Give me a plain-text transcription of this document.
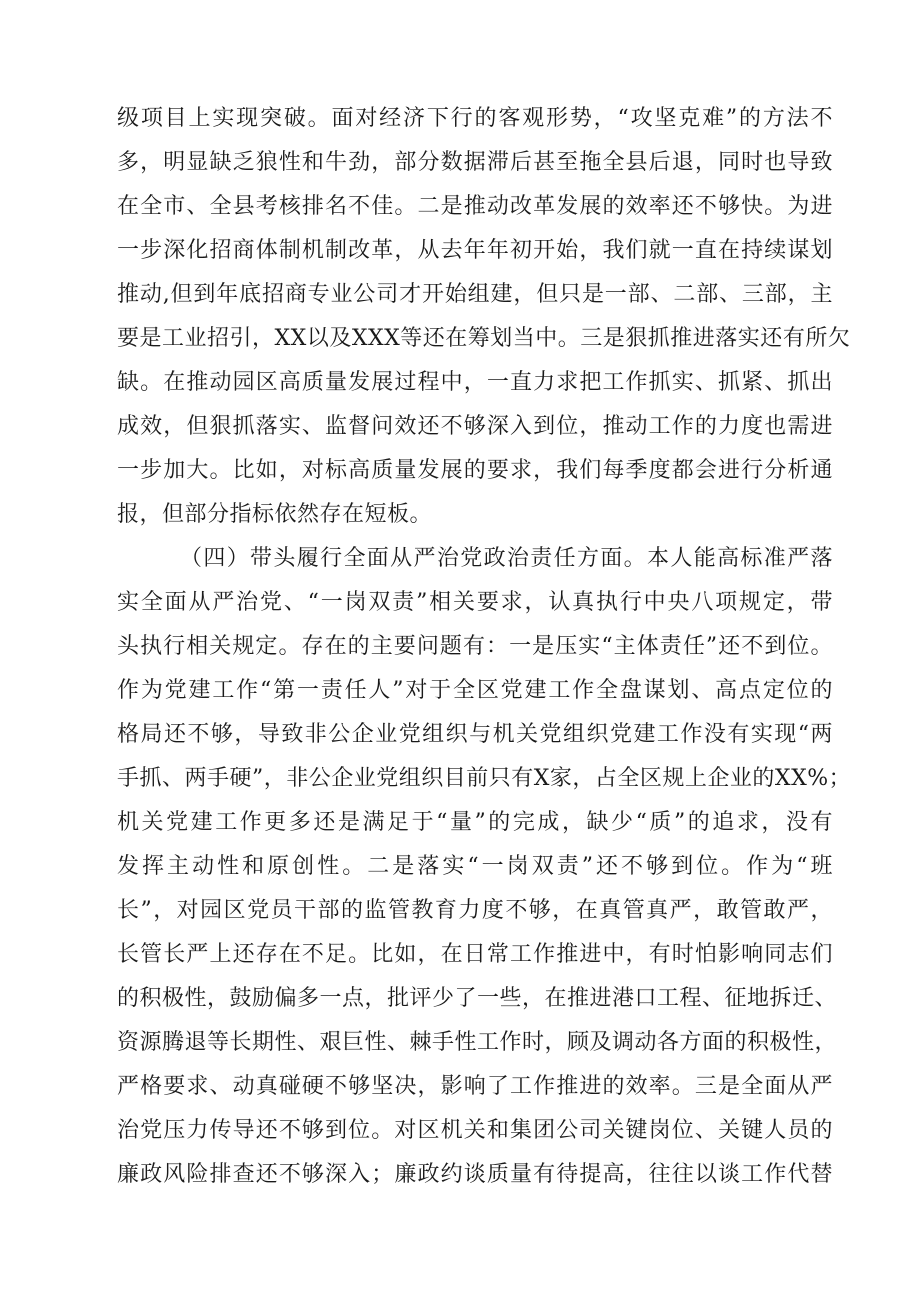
级项目上实现突破。面对经济下行的客观形势，“攻坚克难”的方法不
多，明显缺乏狼性和牛劲，部分数据滞后甚至拖全县后退，同时也导致
在全市、全县考核排名不佳。二是推动改革发展的效率还不够快。为进
一步深化招商体制机制改革，从去年年初开始，我们就一直在持续谋划
推动,但到年底招商专业公司才开始组建，但只是一部、二部、三部，主
要是工业招引，XX以及XXX等还在筹划当中。三是狠抓推进落实还有所欠
缺。在推动园区高质量发展过程中，一直力求把工作抓实、抓紧、抓出
成效，但狠抓落实、监督问效还不够深入到位，推动工作的力度也需进
一步加大。比如，对标高质量发展的要求，我们每季度都会进行分析通
报，但部分指标依然存在短板。
（四）带头履行全面从严治党政治责任方面。本人能高标准严落
实全面从严治党、“一岗双责”相关要求，认真执行中央八项规定，带
头执行相关规定。存在的主要问题有：一是压实“主体责任”还不到位。
作为党建工作“第一责任人”对于全区党建工作全盘谋划、高点定位的
格局还不够，导致非公企业党组织与机关党组织党建工作没有实现“两
手抓、两手硬”，非公企业党组织目前只有X家，占全区规上企业的XX%；
机关党建工作更多还是满足于“量”的完成，缺少“质”的追求，没有
发挥主动性和原创性。二是落实“一岗双责”还不够到位。作为“班
长”，对园区党员干部的监管教育力度不够，在真管真严，敢管敢严，
长管长严上还存在不足。比如，在日常工作推进中，有时怕影响同志们
的积极性，鼓励偏多一点，批评少了一些，在推进港口工程、征地拆迁、
资源腾退等长期性、艰巨性、棘手性工作时，顾及调动各方面的积极性，
严格要求、动真碰硬不够坚决，影响了工作推进的效率。三是全面从严
治党压力传导还不够到位。对区机关和集团公司关键岗位、关键人员的
廉政风险排查还不够深入；廉政约谈质量有待提高，往往以谈工作代替
